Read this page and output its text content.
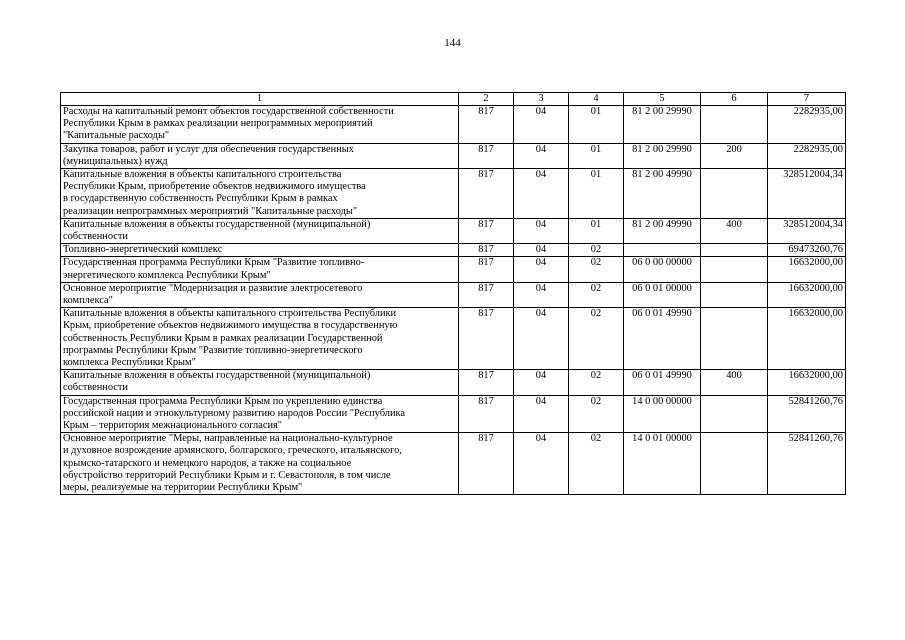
144
1	2	3	4	5	6	7

Расходы на капитальный ремонт объектов государственной собственности
Республики Крым в рамках реализации непрограммных мероприятий
"Капитальные расходы"	817	04	01	81 2 00 29990		2282935,00

Закупка товаров, работ и услуг для обеспечения государственных
(муниципальных) нужд	817	04	01	81 2 00 29990	200	2282935,00

Капитальные вложения в объекты капитального строительства
Республики Крым, приобретение объектов недвижимого имущества
в государственную собственность Республики Крым в рамках
реализации непрограммных мероприятий "Капитальные расходы"	817	04	01	81 2 00 49990		328512004,34

Капитальные вложения в объекты государственной (муниципальной)
собственности	817	04	01	81 2 00 49990	400	328512004,34

Топливно-энергетический комплекс	817	04	02			69473260,76

Государственная программа Республики Крым "Развитие топливно-
энергетического комплекса Республики Крым"	817	04	02	06 0 00 00000		16632000,00

Основное мероприятие "Модернизация и развитие электросетевого
комплекса"	817	04	02	06 0 01 00000		16632000,00

Капитальные вложения в объекты капитального строительства Республики
Крым, приобретение объектов недвижимого имущества в государственную
собственность Республики Крым в рамках реализации Государственной
программы Республики Крым "Развитие топливно-энергетического
комплекса Республики Крым"	817	04	02	06 0 01 49990		16632000,00

Капитальные вложения в объекты государственной (муниципальной)
собственности	817	04	02	06 0 01 49990	400	16632000,00

Государственная программа Республики Крым по укреплению единства
российской нации и этнокультурному развитию народов России "Республика
Крым – территория межнационального согласия"	817	04	02	14 0 00 00000		52841260,76

Основное мероприятие "Меры, направленные на национально-культурное
и духовное возрождение армянского, болгарского, греческого, итальянского,
крымско-татарского и немецкого народов, а также на социальное
обустройство территорий Республики Крым и г. Севастополя, в том числе
меры, реализуемые на территории Республики Крым"	817	04	02	14 0 01 00000		52841260,76
